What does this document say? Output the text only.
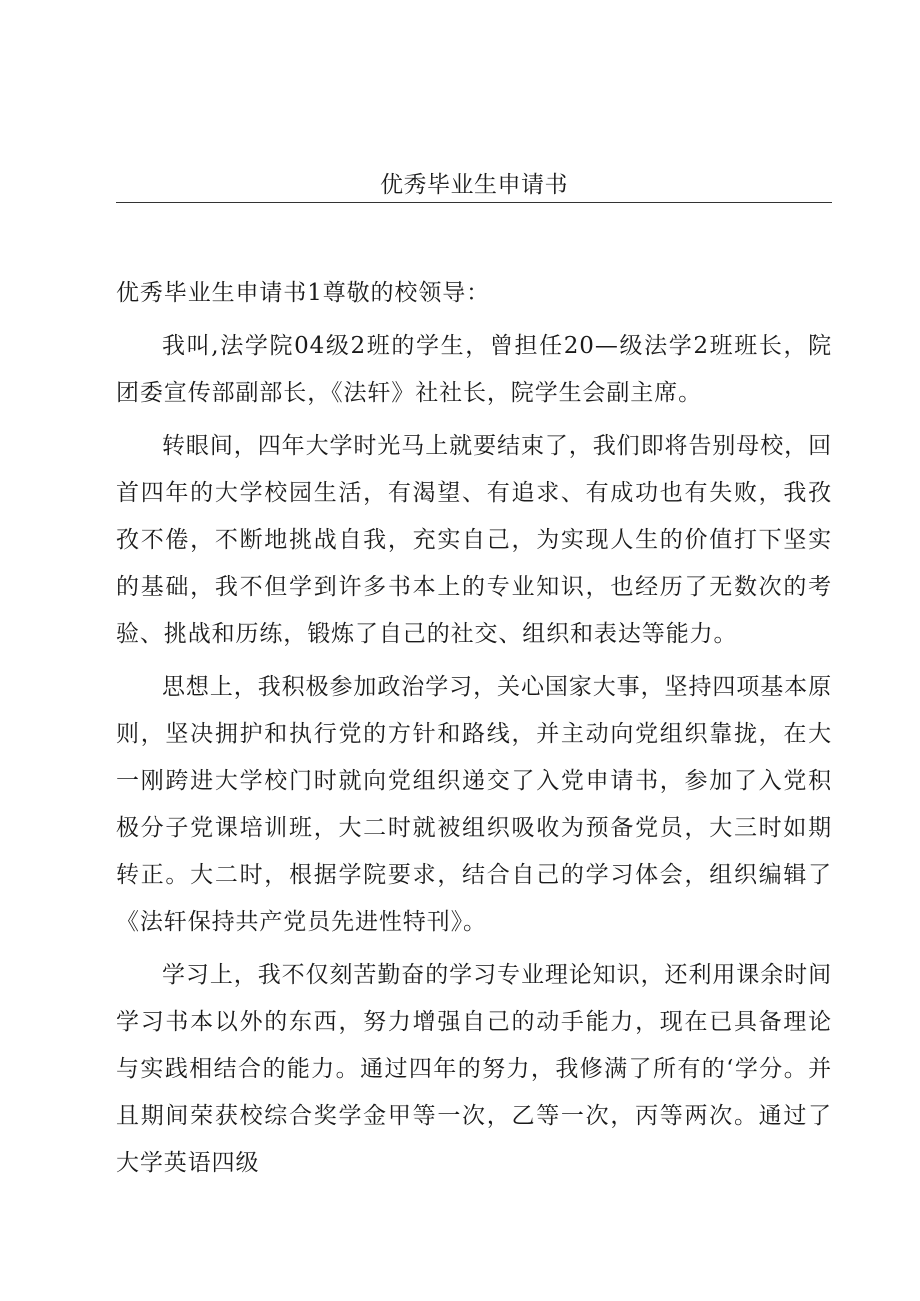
优秀毕业生申请书

优秀毕业生申请书1尊敬的校领导：

我叫,法学院04级2班的学生，曾担任20—级法学2班班长，院团委宣传部副部长，《法轩》社社长，院学生会副主席。

转眼间，四年大学时光马上就要结束了，我们即将告别母校，回首四年的大学校园生活，有渴望、有追求、有成功也有失败，我孜孜不倦，不断地挑战自我，充实自己，为实现人生的价值打下坚实的基础，我不但学到许多书本上的专业知识，也经历了无数次的考验、挑战和历练，锻炼了自己的社交、组织和表达等能力。

思想上，我积极参加政治学习，关心国家大事，坚持四项基本原则，坚决拥护和执行党的方针和路线，并主动向党组织靠拢，在大一刚跨进大学校门时就向党组织递交了入党申请书，参加了入党积极分子党课培训班，大二时就被组织吸收为预备党员，大三时如期转正。大二时，根据学院要求，结合自己的学习体会，组织编辑了《法轩保持共产党员先进性特刊》。

学习上，我不仅刻苦勤奋的学习专业理论知识，还利用课余时间学习书本以外的东西，努力增强自己的动手能力，现在已具备理论与实践相结合的能力。通过四年的努力，我修满了所有的‘学分。并且期间荣获校综合奖学金甲等一次，乙等一次，丙等两次。通过了大学英语四级
